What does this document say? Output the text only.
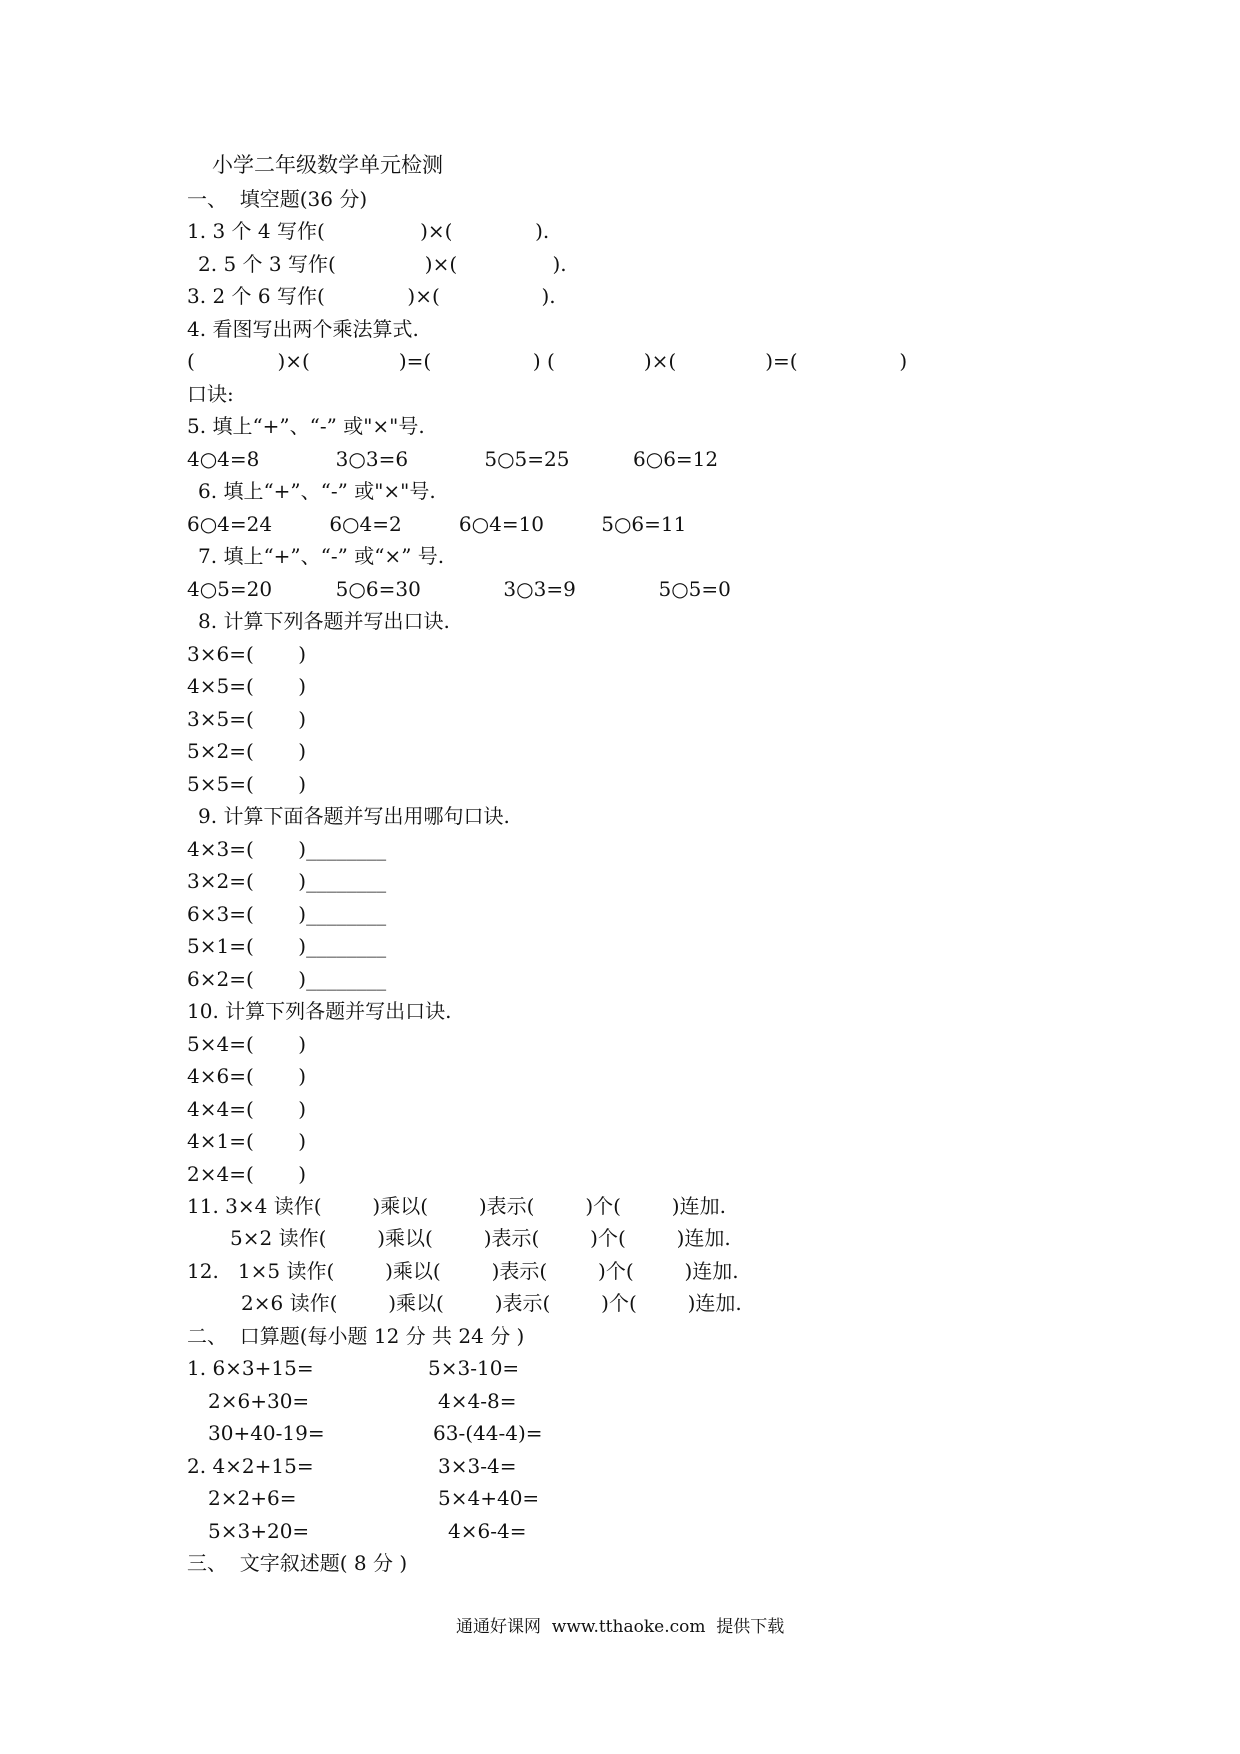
小学二年级数学单元检测

一、  填空题(36 分)

1. 3 个 4 写作(               )×(             ).

2. 5 个 3 写作(              )×(               ).

3. 2 个 6 写作(             )×(                ).

4. 看图写出两个乘法算式.

(             )×(              )=(                ) (              )×(              )=(                )

口诀:

5. 填上“+”、“-” 或"×"号.

4○4=8            3○3=6            5○5=25          6○6=12

6. 填上“+”、“-” 或"×"号.

6○4=24         6○4=2         6○4=10         5○6=11

7. 填上“+”、“-” 或“×” 号.

4○5=20          5○6=30             3○3=9             5○5=0

8. 计算下列各题并写出口诀.

3×6=(       )

4×5=(       )

3×5=(       )

5×2=(       )

5×5=(       )

9. 计算下面各题并写出用哪句口诀.

4×3=(       )________

3×2=(       )________

6×3=(       )________

5×1=(       )________

6×2=(       )________

10. 计算下列各题并写出口诀.

5×4=(       )

4×6=(       )

4×4=(       )

4×1=(       )

2×4=(       )

11. 3×4 读作(        )乘以(        )表示(        )个(        )连加.

5×2 读作(        )乘以(        )表示(        )个(        )连加.

12.   1×5 读作(        )乘以(        )表示(        )个(        )连加.

2×6 读作(        )乘以(        )表示(        )个(        )连加.

二、  口算题(每小题 12 分 共 24 分 )

1. 6×3+15=	5×3-10=

2×6+30=	4×4-8=

30+40-19=	63-(44-4)=

2. 4×2+15=	3×3-4=

2×2+6=	5×4+40=

5×3+20=	4×6-4=

三、  文字叙述题( 8 分 )

通通好课网  www.tthaoke.com  提供下载
